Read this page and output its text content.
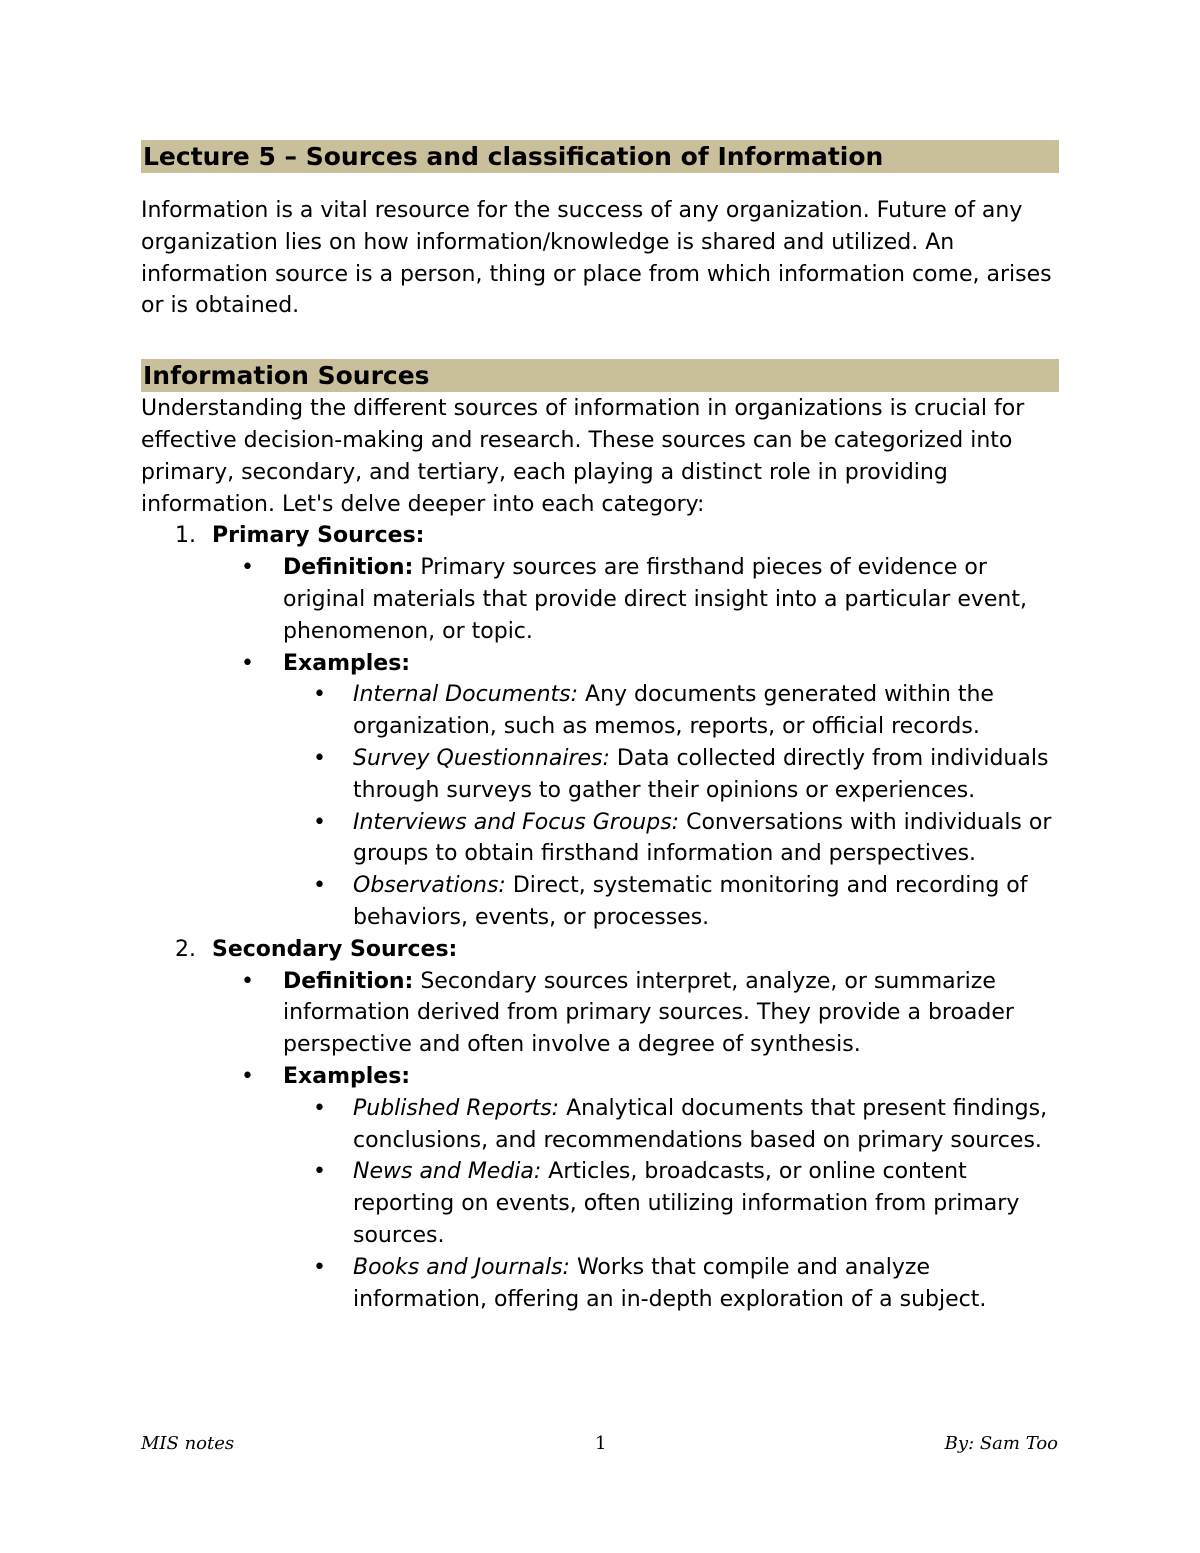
Lecture 5 – Sources and classification of Information

Information is a vital resource for the success of any organization. Future of any organization lies on how information/knowledge is shared and utilized. An information source is a person, thing or place from which information come, arises or is obtained.

Information Sources

Understanding the different sources of information in organizations is crucial for effective decision-making and research. These sources can be categorized into primary, secondary, and tertiary, each playing a distinct role in providing information. Let's delve deeper into each category:

1. Primary Sources:

• Definition: Primary sources are firsthand pieces of evidence or original materials that provide direct insight into a particular event, phenomenon, or topic.

• Examples:

• Internal Documents: Any documents generated within the organization, such as memos, reports, or official records.

• Survey Questionnaires: Data collected directly from individuals through surveys to gather their opinions or experiences.

• Interviews and Focus Groups: Conversations with individuals or groups to obtain firsthand information and perspectives.

• Observations: Direct, systematic monitoring and recording of behaviors, events, or processes.

2. Secondary Sources:

• Definition: Secondary sources interpret, analyze, or summarize information derived from primary sources. They provide a broader perspective and often involve a degree of synthesis.

• Examples:

• Published Reports: Analytical documents that present findings, conclusions, and recommendations based on primary sources.

• News and Media: Articles, broadcasts, or online content reporting on events, often utilizing information from primary sources.

• Books and Journals: Works that compile and analyze information, offering an in-depth exploration of a subject.

MIS notes	1	By: Sam Too
